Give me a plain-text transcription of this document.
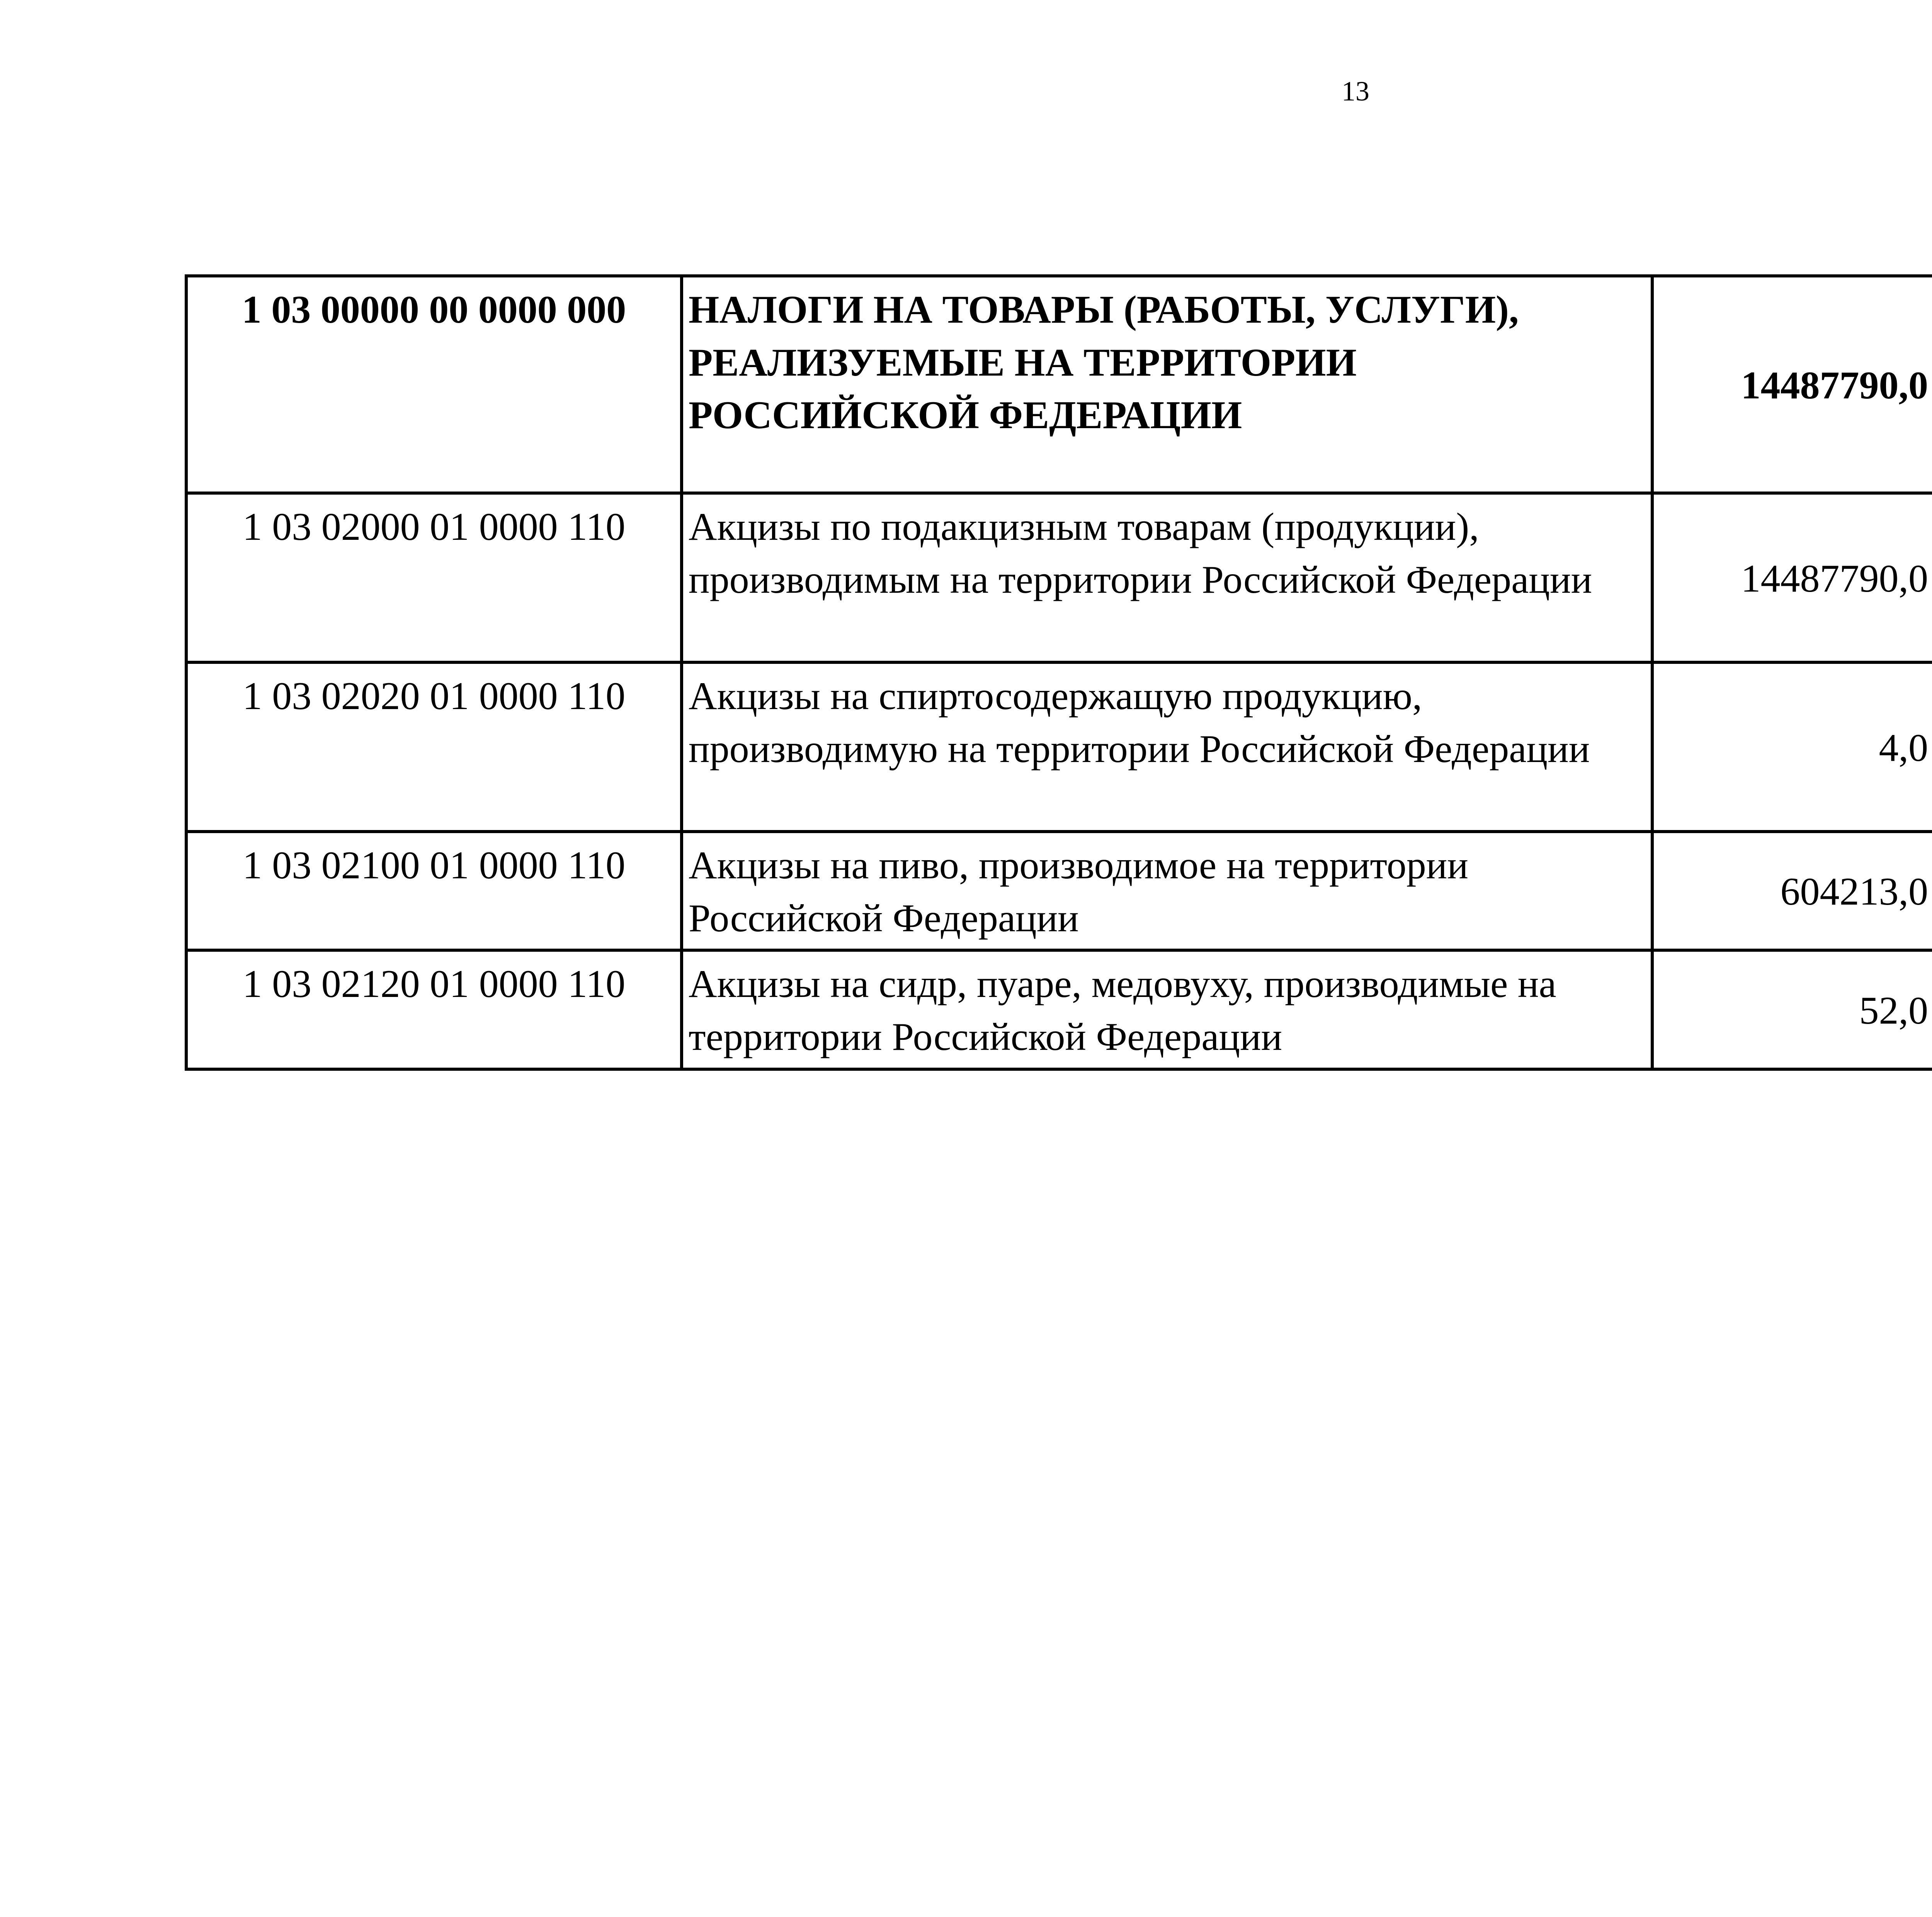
13
1 03 00000 00 0000 000	НАЛОГИ НА ТОВАРЫ (РАБОТЫ, УСЛУГИ), РЕАЛИЗУЕМЫЕ НА ТЕРРИТОРИИ РОССИЙСКОЙ ФЕДЕРАЦИИ	14487790,0		
1 03 02000 01 0000 110	Акцизы по подакцизным товарам (продукции), производимым на территории Российской Федерации	14487790,0		
1 03 02020 01 0000 110	Акцизы на спиртосодержащую продукцию, производимую на территории Российской Федерации	4,0		
1 03 02100 01 0000 110	Акцизы на пиво, производимое на территории Российской Федерации	604213,0		
1 03 02120 01 0000 110	Акцизы на сидр, пуаре, медовуху, производимые на территории Российской Федерации	52,0		
